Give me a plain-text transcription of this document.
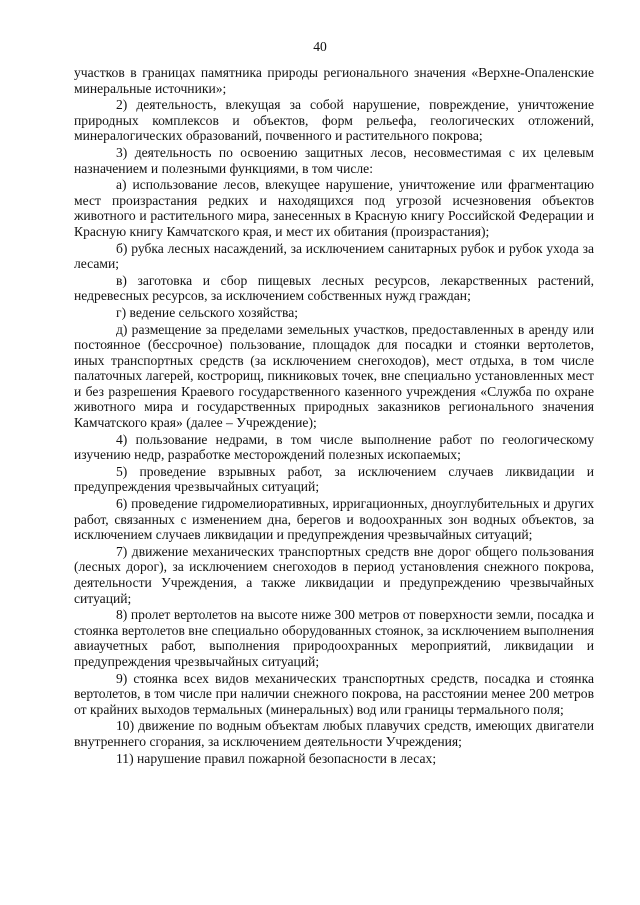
40

участков в границах памятника природы регионального значения «Верхне-Опаленские минеральные источники»;

2) деятельность, влекущая за собой нарушение, повреждение, уничтожение природных комплексов и объектов, форм рельефа, геологических отложений, минералогических образований, почвенного и растительного покрова;

3) деятельность по освоению защитных лесов, несовместимая с их целевым назначением и полезными функциями, в том числе:

а) использование лесов, влекущее нарушение, уничтожение или фрагментацию мест произрастания редких и находящихся под угрозой исчезновения объектов животного и растительного мира, занесенных в Красную книгу Российской Федерации и Красную книгу Камчатского края, и мест их обитания (произрастания);

б) рубка лесных насаждений, за исключением санитарных рубок и рубок ухода за лесами;

в) заготовка и сбор пищевых лесных ресурсов, лекарственных растений, недревесных ресурсов, за исключением собственных нужд граждан;

г) ведение сельского хозяйства;

д) размещение за пределами земельных участков, предоставленных в аренду или постоянное (бессрочное) пользование, площадок для посадки и стоянки вертолетов, иных транспортных средств (за исключением снегоходов), мест отдыха, в том числе палаточных лагерей, кострорищ, пикниковых точек, вне специально установленных мест и без разрешения Краевого государственного казенного учреждения «Служба по охране животного мира и государственных природных заказников регионального значения Камчатского края» (далее – Учреждение);

4) пользование недрами, в том числе выполнение работ по геологическому изучению недр, разработке месторождений полезных ископаемых;

5) проведение взрывных работ, за исключением случаев ликвидации и предупреждения чрезвычайных ситуаций;

6) проведение гидромелиоративных, ирригационных, дноуглубительных и других работ, связанных с изменением дна, берегов и водоохранных зон водных объектов, за исключением случаев ликвидации и предупреждения чрезвычайных ситуаций;

7) движение механических транспортных средств вне дорог общего пользования (лесных дорог), за исключением снегоходов в период установления снежного покрова, деятельности Учреждения, а также ликвидации и предупреждению чрезвычайных ситуаций;

8) пролет вертолетов на высоте ниже 300 метров от поверхности земли, посадка и стоянка вертолетов вне специально оборудованных стоянок, за исключением выполнения авиаучетных работ, выполнения природоохранных мероприятий, ликвидации и предупреждения чрезвычайных ситуаций;

9) стоянка всех видов механических транспортных средств, посадка и стоянка вертолетов, в том числе при наличии снежного покрова, на расстоянии менее 200 метров от крайних выходов термальных (минеральных) вод или границы термального поля;

10) движение по водным объектам любых плавучих средств, имеющих двигатели внутреннего сгорания, за исключением деятельности Учреждения;

11) нарушение правил пожарной безопасности в лесах;
